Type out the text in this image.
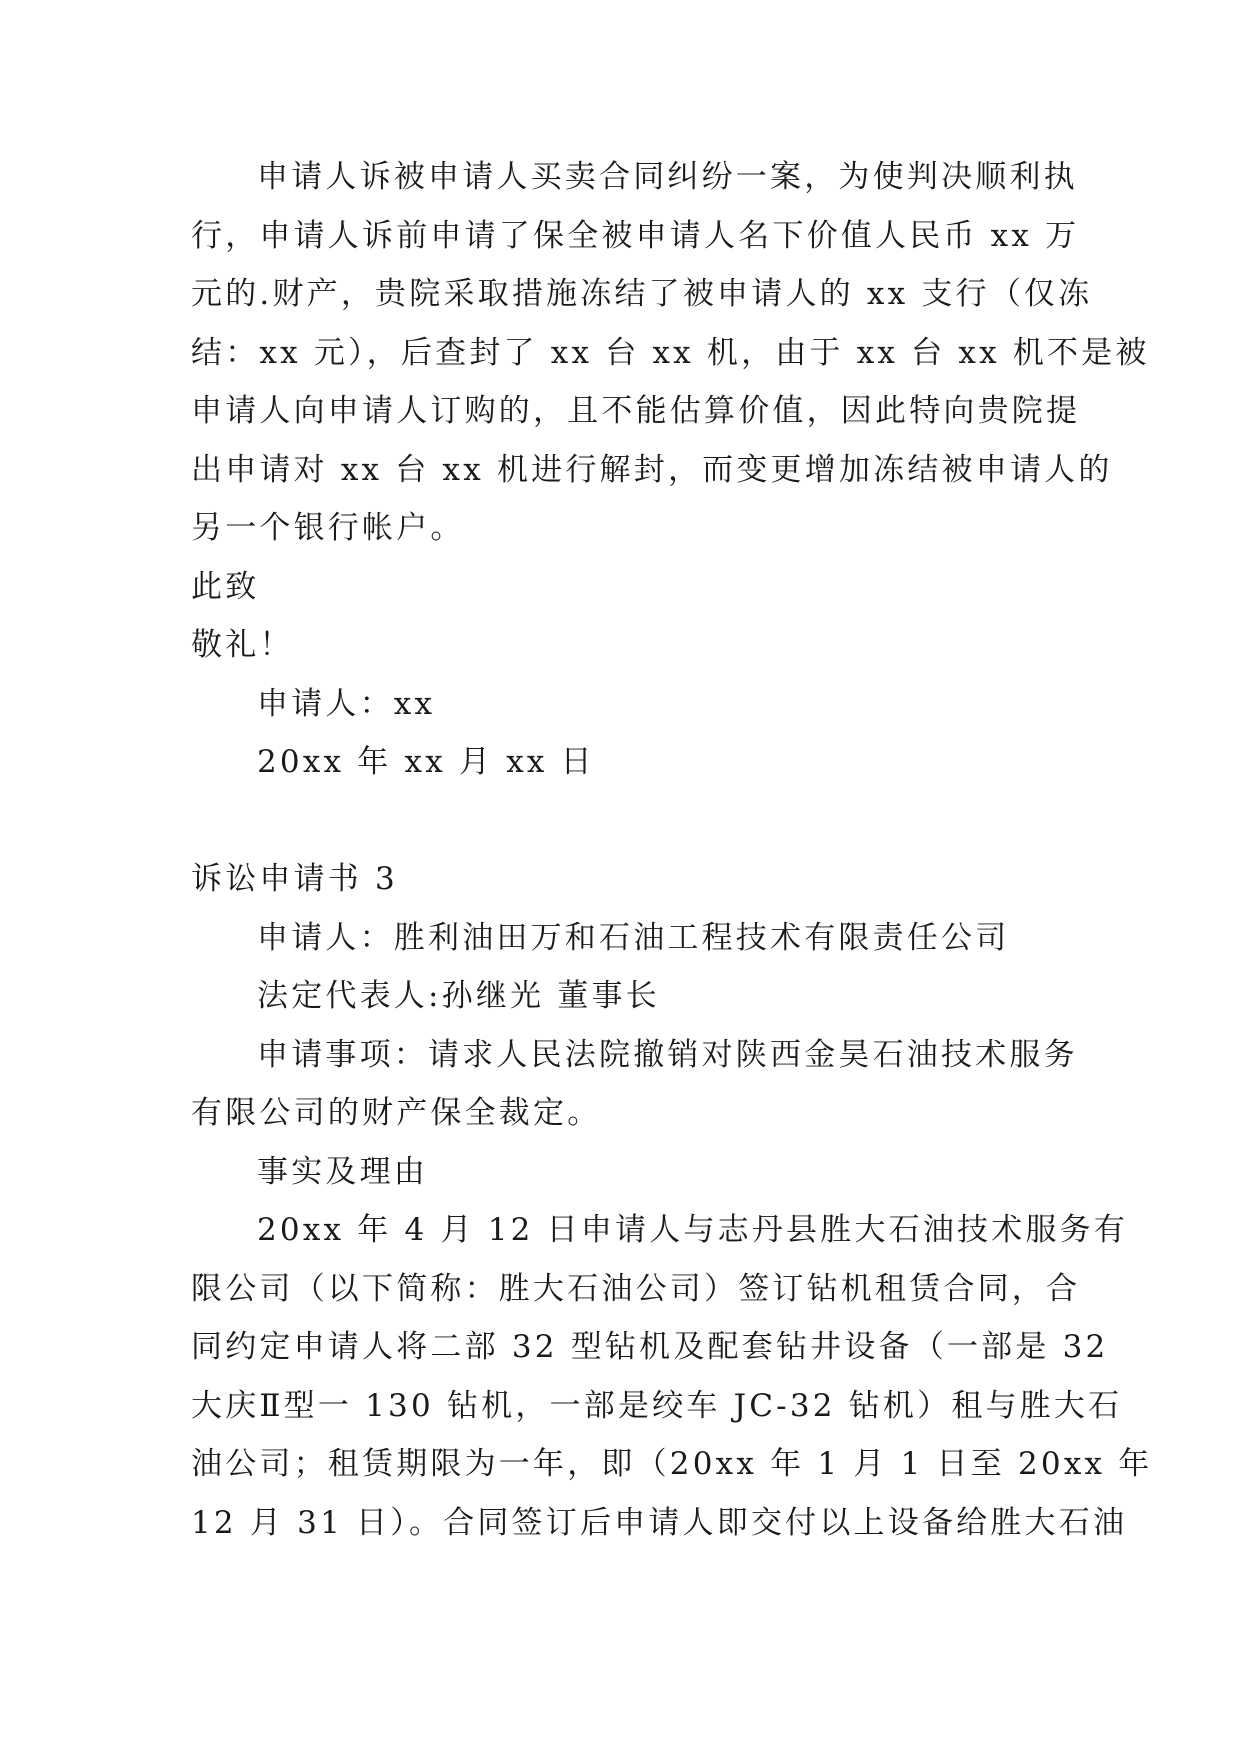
申请人诉被申请人买卖合同纠纷一案，为使判决顺利执
行，申请人诉前申请了保全被申请人名下价值人民币 xx 万
元的.财产，贵院采取措施冻结了被申请人的 xx 支行（仅冻
结：xx 元），后查封了 xx 台 xx 机，由于 xx 台 xx 机不是被
申请人向申请人订购的，且不能估算价值，因此特向贵院提
出申请对 xx 台 xx 机进行解封，而变更增加冻结被申请人的
另一个银行帐户。
此致
敬礼！
申请人：xx
20xx 年 xx 月 xx 日
诉讼申请书 3
申请人：胜利油田万和石油工程技术有限责任公司
法定代表人:孙继光 董事长
申请事项：请求人民法院撤销对陕西金昊石油技术服务
有限公司的财产保全裁定。
事实及理由
20xx 年 4 月 12 日申请人与志丹县胜大石油技术服务有
限公司（以下简称：胜大石油公司）签订钻机租赁合同，合
同约定申请人将二部 32 型钻机及配套钻井设备（一部是 32
大庆Ⅱ型一 130 钻机，一部是绞车 JC-32 钻机）租与胜大石
油公司；租赁期限为一年，即（20xx 年 1 月 1 日至 20xx 年
12 月 31 日）。合同签订后申请人即交付以上设备给胜大石油
